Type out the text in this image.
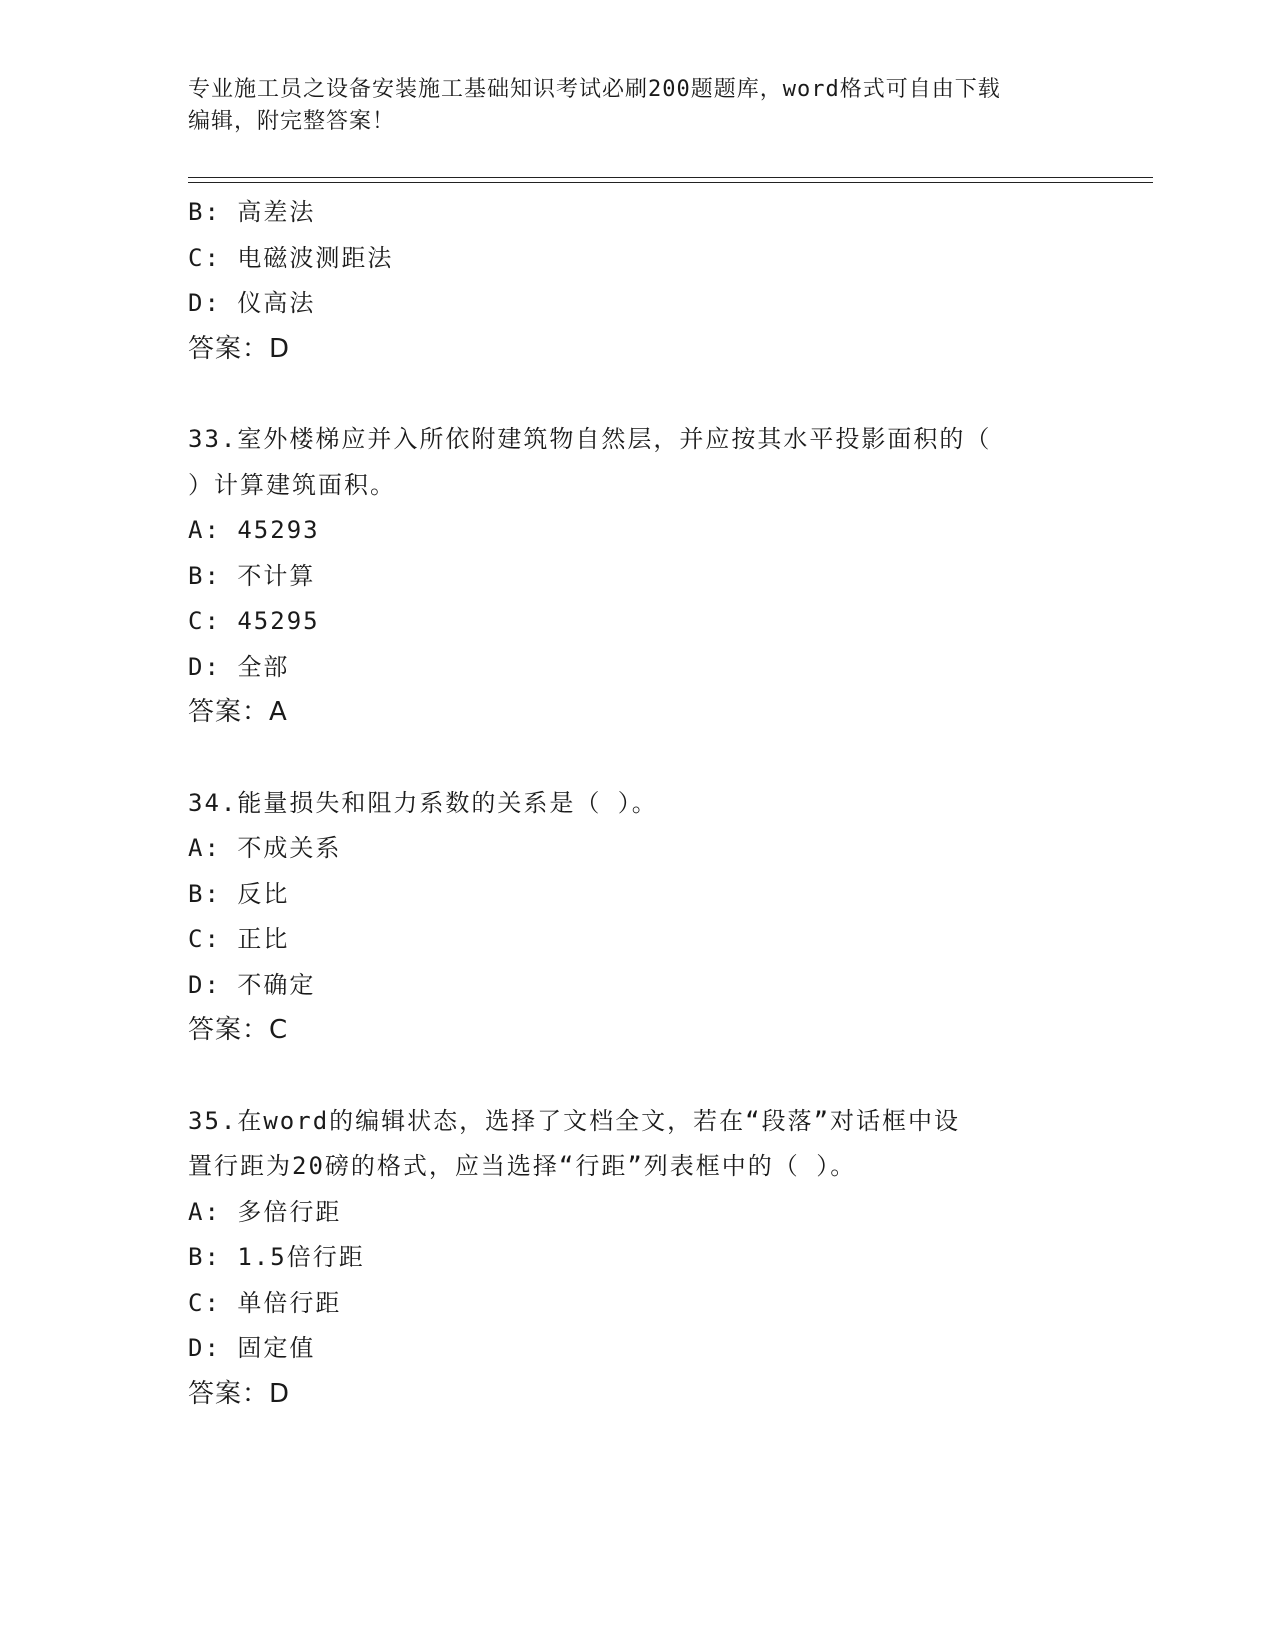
专业施工员之设备安装施工基础知识考试必刷200题题库，word格式可自由下载
编辑，附完整答案！
B: 高差法
C: 电磁波测距法
D: 仪高法
答案：D
33.室外楼梯应并入所依附建筑物自然层，并应按其水平投影面积的（
）计算建筑面积。
A: 45293
B: 不计算
C: 45295
D: 全部
答案：A
34.能量损失和阻力系数的关系是（ ）。
A: 不成关系
B: 反比
C: 正比
D: 不确定
答案：C
35.在word的编辑状态，选择了文档全文，若在“段落”对话框中设
置行距为20磅的格式，应当选择“行距”列表框中的（ ）。
A: 多倍行距
B: 1.5倍行距
C: 单倍行距
D: 固定值
答案：D
